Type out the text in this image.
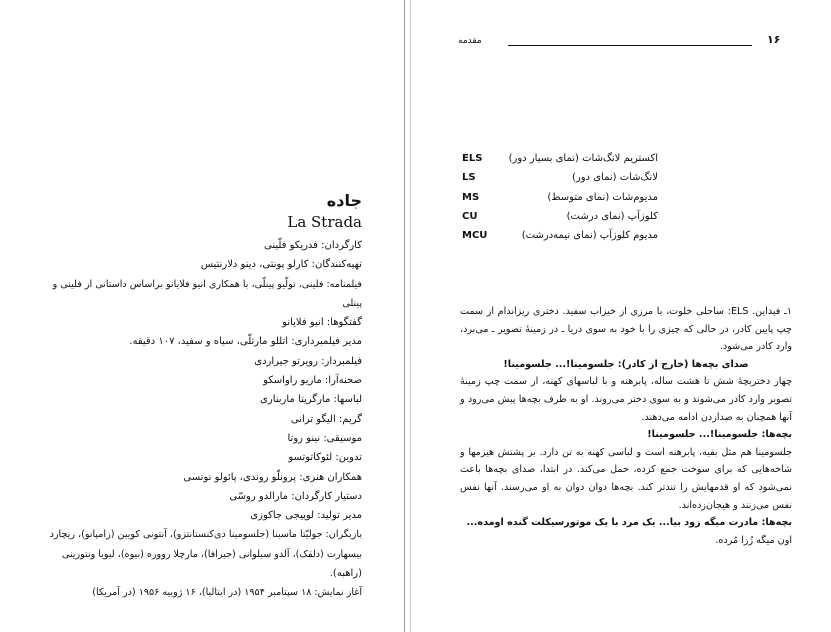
جاده

La Strada

کارگردان: فدریکو فلّینی

تهیه‌کنندگان: کارلو پونتی، دینو دلارنتیس

فیلمنامه: فلینی، تولّیو پینلّی، با همکاری انیو فلایانو براساس داستانی از فلینی و پینلی

گفتگوها: انیو فلایانو

مدیر فیلمبرداری: اتللو مارتلّی، سیاه و سفید، ۱۰۷ دقیقه.

فیلمبردار: رویرتو جیراردی

صحنه‌آرا: ماریو راواسکو

لباسها: مارگریتا ماربناری

گریم: الیگو ترانی

موسیقی: نینو روتا

تدوین: لئوکاتوتسو

همکاران هنری: پرونلّو روندی، پائولو نوتسی

دستیار کارگردان: مارالدو روسّی

مدیر تولید: لوییجی جاکوزی

بازیگران: جولیّتا ماسینا (جلسومینا دی‌کنستانتزو)، آنتونی کویین (زامپانو)، ریچارد

بیسهارت (دلقک)، آلدو سیلوانی (جیرافا)، مارچلا رووره (بیوه)، لیویا ونتورینی

(راهبه).

آغاز نمایش: ۱۸ سپتامبر ۱۹۵۴ (در ایتالیا)، ۱۶ ژوییه ۱۹۵۶ (در آمریکا)

۱۶
مقدمه
ELS	اکستریم لانگ‌شات (نمای بسیار دور)
LS	لانگ‌شات (نمای دور)
MS	مدیوم‌شات (نمای متوسط)
CU	کلوزآپ (نمای درشت)
MCU	مدیوم کلوزآپ (نمای نیمه‌درشت)

۱ـ فیداین. ELS: ساحلی خلوت، با مرزی از خیزاب سفید. دختری ریزاندام از سمت چپ پایین کادر، در حالی که چیزی را با خود به سوی دریا ـ در زمینهٔ تصویر ـ می‌برد، وارد کادر می‌شود.

صدای بچه‌ها (خارج از کادر): جلسومینا!... جلسومینا!

چهار دختربچهٔ شش تا هشت ساله، پابرهنه و با لباسهای کهنه، از سمت چپ زمینهٔ تصویر وارد کادر می‌شوند و به سوی دختر می‌روند. او به طرف بچه‌ها پیش می‌رود و آنها همچنان به صدازدن ادامه می‌دهند.

بچه‌ها: جلسومینا!... جلسومینا!

جلسومینا هم مثل بقیه، پابرهنه است و لباسی کهنه به تن دارد. بر پشتش هیزمها و شاخه‌هایی که برای سوخت جمع کرده، حمل می‌کند. در ابتدا، صدای بچه‌ها باعث نمی‌شود که او قدمهایش را تندتر کند. بچه‌ها دوان دوان به او می‌رسند. آنها نفس نفس می‌زنند و هیجان‌زده‌اند.

بچه‌ها: مادرت میگه زود بیا... یک مرد با یک موتورسیکلت گنده اومده...

اون میگه زُزا مُرده.
